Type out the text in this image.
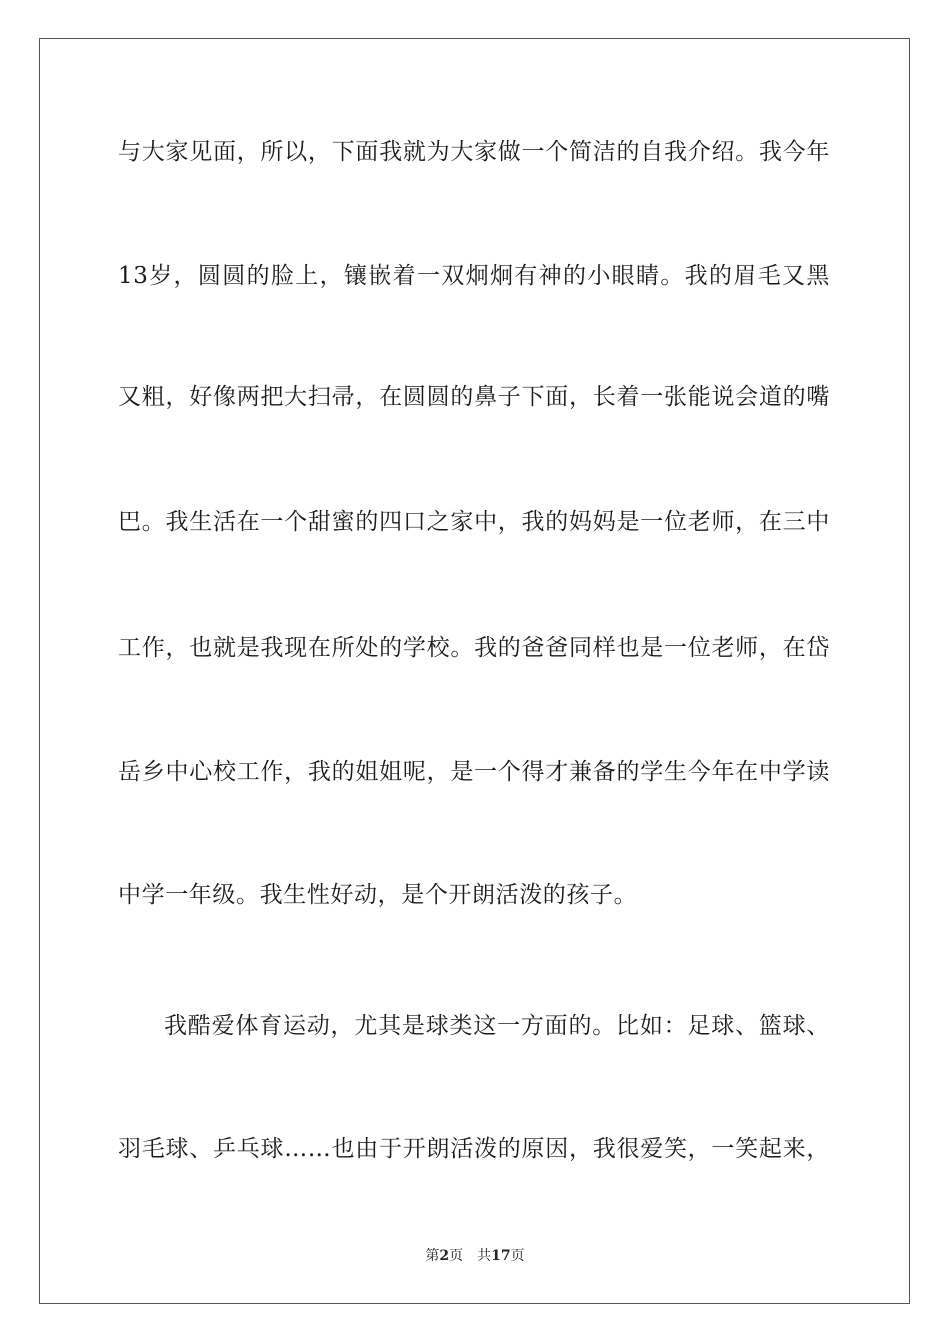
与大家见面，所以，下面我就为大家做一个简洁的自我介绍。我今年
13岁，圆圆的脸上，镶嵌着一双炯炯有神的小眼睛。我的眉毛又黑
又粗，好像两把大扫帚，在圆圆的鼻子下面，长着一张能说会道的嘴
巴。我生活在一个甜蜜的四口之家中，我的妈妈是一位老师，在三中
工作，也就是我现在所处的学校。我的爸爸同样也是一位老师，在岱
岳乡中心校工作，我的姐姐呢，是一个得才兼备的学生今年在中学读
中学一年级。我生性好动，是个开朗活泼的孩子。
我酷爱体育运动，尤其是球类这一方面的。比如：足球、篮球、
羽毛球、乒乓球……也由于开朗活泼的原因，我很爱笑，一笑起来，
第2页 共17页
